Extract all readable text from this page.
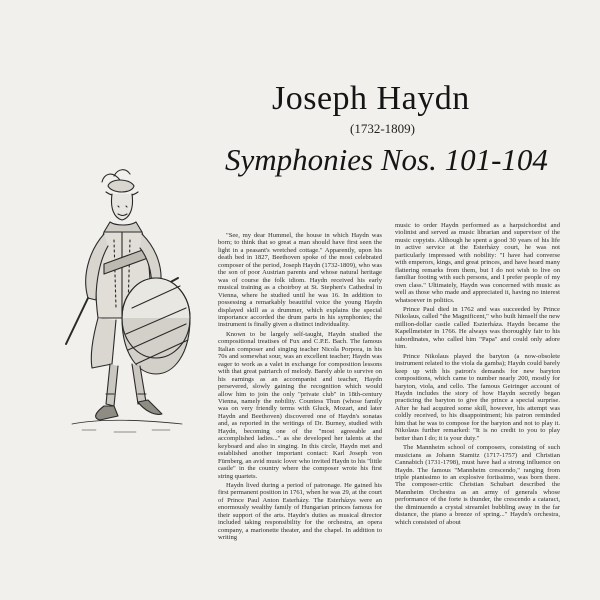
Joseph Haydn
(1732-1809)
Symphonies Nos. 101-104

"See, my dear Hummel, the house in which Haydn was born; to think that so great a man should have first seen the light in a peasant's wretched cottage." Apparently, upon his death bed in 1827, Beethoven spoke of the most celebrated composer of the period, Joseph Haydn (1732-1809), who was the son of poor Austrian parents and whose natural heritage was of course the folk idiom. Haydn received his early musical training as a choirboy at St. Stephen's Cathedral in Vienna, where he studied until he was 16. In addition to possessing a remarkably beautiful voice the young Haydn displayed skill as a drummer, which explains the special importance accorded the drum parts in his symphonies; the instrument is finally given a distinct individuality.

Known to be largely self-taught, Haydn studied the compositional treatises of Fux and C.P.E. Bach. The famous Italian composer and singing teacher Nicola Porpora, in his 70s and somewhat sour, was an excellent teacher; Haydn was eager to work as a valet in exchange for composition lessons with that great patriarch of melody. Barely able to survive on his earnings as an accompanist and teacher, Haydn persevered, slowly gaining the recognition which would allow him to join the only "private club" in 18th-century Vienna, namely the nobility. Countess Thun (whose family was on very friendly terms with Gluck, Mozart, and later Haydn and Beethoven) discovered one of Haydn's sonatas and, as reported in the writings of Dr. Burney, studied with Haydn, becoming one of the "most agreeable and accomplished ladies..." as she developed her talents at the keyboard and also in singing. In this circle, Haydn met and established another important contact: Karl Joseph von Fürnberg, an avid music lover who invited Haydn to his "little castle" in the country where the composer wrote his first string quartets.

Haydn lived during a period of patronage. He gained his first permanent position in 1761, when he was 29, at the court of Prince Paul Anton Esterházy. The Esterházys were an enormously wealthy family of Hungarian princes famous for their support of the arts. Haydn's duties as musical director included taking responsibility for the orchestra, an opera company, a marionette theater, and the chapel. In addition to writing

music to order Haydn performed as a harpsichordist and violinist and served as music librarian and supervisor of the music copyists. Although he spent a good 30 years of his life in active service at the Esterházy court, he was not particularly impressed with nobility: "I have had converse with emperors, kings, and great princes, and have heard many flattering remarks from them, but I do not wish to live on familiar footing with such persons, and I prefer people of my own class." Ultimately, Haydn was concerned with music as well as those who made and appreciated it, having no interest whatsoever in politics.

Prince Paul died in 1762 and was succeeded by Prince Nikolaus, called "the Magnificent," who built himself the new million-dollar castle called Eszterháza. Haydn became the Kapellmeister in 1766. He always was thoroughly fair to his subordinates, who called him "Papa" and could only adore him.

Prince Nikolaus played the baryton (a now-obsolete instrument related to the viola da gamba); Haydn could barely keep up with his patron's demands for new baryton compositions, which came to number nearly 200, mostly for baryton, viola, and cello. The famous Geiringer account of Haydn includes the story of how Haydn secretly began practicing the baryton to give the prince a special surprise. After he had acquired some skill, however, his attempt was coldly received, to his disappointment; his patron reminded him that he was to compose for the baryton and not to play it. Nikolaus further remarked: "It is no credit to you to play better than I do; it is your duty."

The Mannheim school of composers, consisting of such musicians as Johann Stamitz (1717-1757) and Christian Cannabich (1731-1798), must have had a strong influence on Haydn. The famous "Mannheim crescendo," ranging from triple pianissimo to an explosive fortissimo, was born there. The composer-critic Christian Schubart described the Mannheim Orchestra as an army of generals whose performance of the forte is thunder, the crescendo a cataract, the diminuendo a crystal streamlet bubbling away in the far distance, the piano a breeze of spring..." Haydn's orchestra, which consisted of about
